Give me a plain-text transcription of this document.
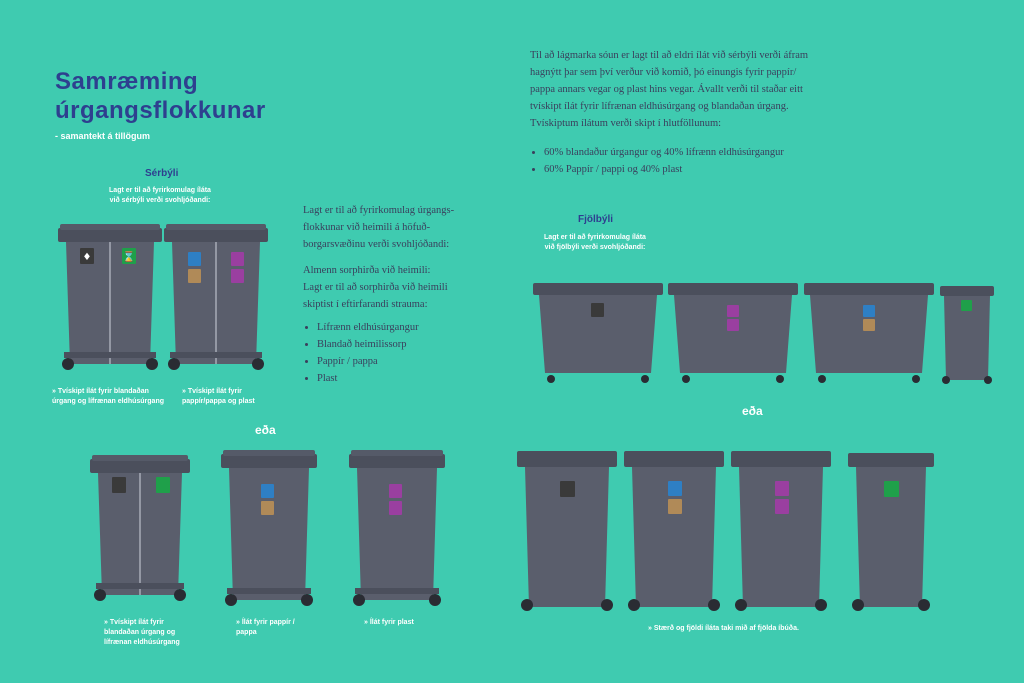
Samræming
úrgangsflokkunar
- samantekt á tillögum
Sérbýli
Lagt er til að fyrirkomulag íláta
við sérbýli verði svohljóðandi:
♦	⌛
» Tvískipt ílát fyrir blandaðan
úrgang og lífrænan eldhúsúrgang
» Tvískipt ílát fyrir
pappír/pappa og plast
eða
» Tvískipt ílát fyrir
blandaðan úrgang og
lífrænan eldhúsúrgang
» Ílát fyrir pappír /
pappa
» Ílát fyrir plast

Lagt er til að fyrirkomulag úrgangs-

flokkunar við heimili á höfuð-

borgarsvæðinu verði svohljóðandi:

Almenn sorphirða við heimili:

Lagt er til að sorphirða við heimili

skiptist í eftirfarandi strauma:

• Lífrænn eldhúsúrgangur
• Blandað heimilissorp
• Pappír / pappa
• Plast

Til að lágmarka sóun er lagt til að eldri ílát við sérbýli verði áfram

hagnýtt þar sem því verður við komið, þó einungis fyrir pappír/

pappa annars vegar og plast hins vegar. Ávallt verði til staðar eitt

tvískipt ílát fyrir lífrænan eldhúsúrgang og blandaðan úrgang.

Tvískiptum ílátum verði skipt í hlutföllunum:

• 60% blandaður úrgangur og 40% lífrænn eldhúsúrgangur
• 60% Pappír / pappi og 40% plast
Fjölbýli
Lagt er til að fyrirkomulag íláta
við fjölbýli verði svohljóðandi:
eða
» Stærð og fjöldi íláta taki mið af fjölda íbúða.
